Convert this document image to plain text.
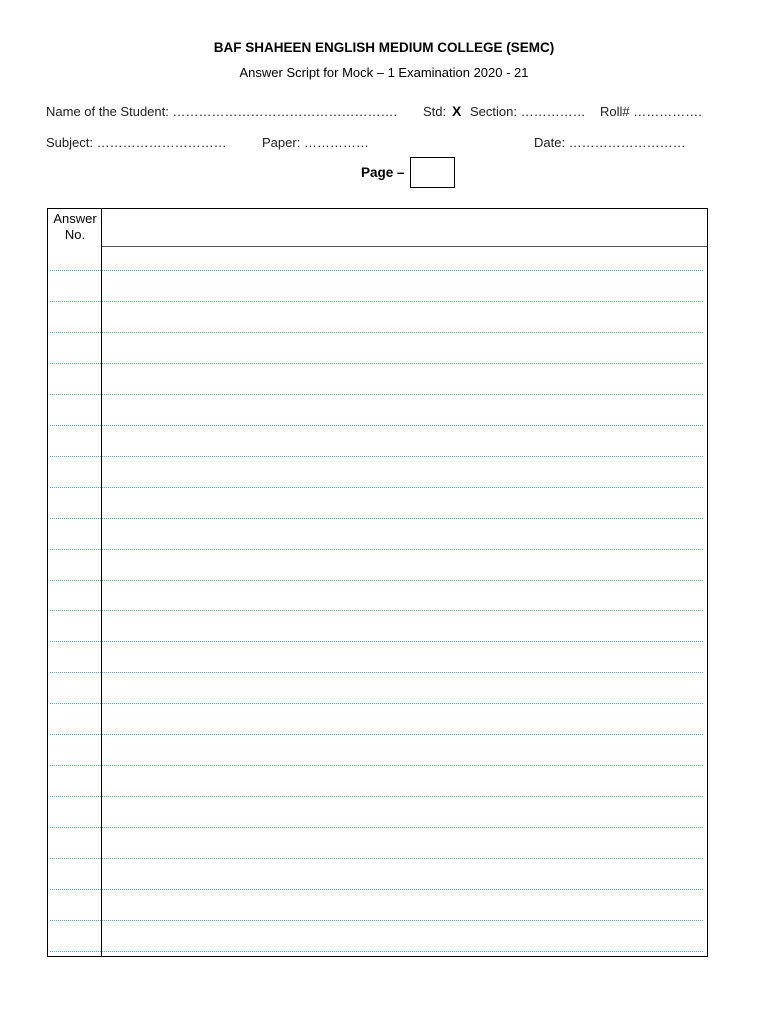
BAF SHAHEEN ENGLISH MEDIUM COLLEGE (SEMC)
Answer Script for Mock – 1 Examination 2020 - 21
Name of the Student: ……………………………………………. Std: X Section: …………… Roll# …………….
Subject: …………………………	Paper: ……………	Date: ………………………
Page –
Answer
No.
